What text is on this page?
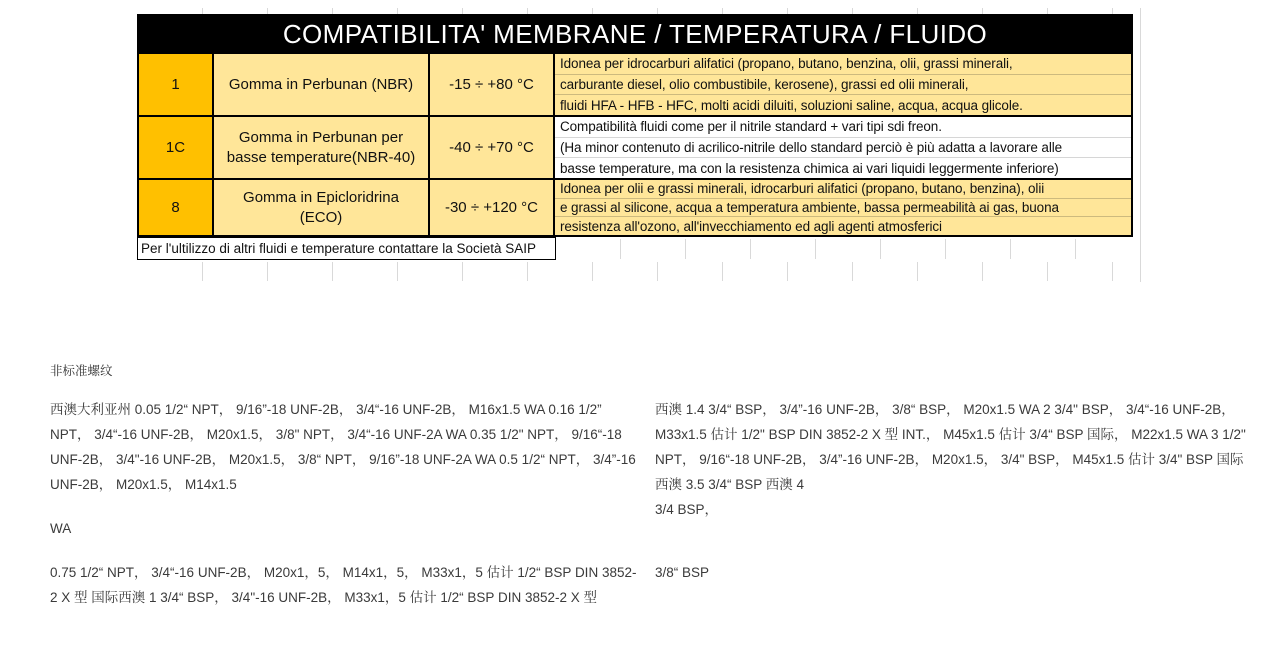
COMPATIBILITA' MEMBRANE / TEMPERATURA / FLUIDO
1	Gomma in Perbunan (NBR)	-15 ÷ +80 °C
Idonea per idrocarburi alifatici (propano, butano, benzina, olii, grassi minerali,
carburante diesel, olio combustibile, kerosene), grassi ed olii minerali,
fluidi HFA - HFB - HFC, molti acidi diluiti, soluzioni saline, acqua, acqua glicole.
1C
Gomma in Perbunan per basse temperature(NBR-40)
-40 ÷ +70 °C
Compatibilità fluidi come per il nitrile standard + vari tipi sdi freon.
(Ha minor contenuto di acrilico-nitrile dello standard perciò è più adatta a lavorare alle
basse temperature, ma con la resistenza chimica ai vari liquidi leggermente inferiore)
8
Gomma in Epicloridrina (ECO)
-30 ÷ +120 °C
Idonea per olii e grassi minerali, idrocarburi alifatici (propano, butano, benzina), olii
e grassi al silicone, acqua a temperatura ambiente, bassa permeabilità ai gas, buona
resistenza all'ozono, all'invecchiamento ed agli agenti atmosferici
Per l'ultilizzo di altri fluidi e temperature contattare la Società SAIP
非标准螺纹
西澳大利亚州 0.05 1/2“ NPT， 9/16”-18 UNF-2B， 3/4“-16 UNF-2B， M16x1.5 WA 0.16 1/2”
NPT， 3/4“-16 UNF-2B， M20x1.5， 3/8" NPT， 3/4“-16 UNF-2A WA 0.35 1/2" NPT， 9/16“-18
UNF-2B， 3/4"-16 UNF-2B， M20x1.5， 3/8“ NPT， 9/16”-18 UNF-2A WA 0.5 1/2“ NPT， 3/4”-16
UNF-2B， M20x1.5， M14x1.5
WA
0.75 1/2“ NPT， 3/4“-16 UNF-2B， M20x1，5， M14x1，5， M33x1，5 估计 1/2“ BSP DIN 3852-
2 X 型 国际西澳 1 3/4“ BSP， 3/4"-16 UNF-2B， M33x1，5 估计 1/2“ BSP DIN 3852-2 X 型
西澳 1.4 3/4“ BSP， 3/4”-16 UNF-2B， 3/8“ BSP， M20x1.5 WA 2 3/4" BSP， 3/4“-16 UNF-2B，
M33x1.5 估计 1/2" BSP DIN 3852-2 X 型 INT.， M45x1.5 估计 3/4“ BSP 国际， M22x1.5 WA 3 1/2"
NPT， 9/16“-18 UNF-2B， 3/4”-16 UNF-2B， M20x1.5， 3/4" BSP， M45x1.5 估计 3/4" BSP 国际
西澳 3.5 3/4“ BSP 西澳 4
3/4 BSP，
3/8“ BSP
